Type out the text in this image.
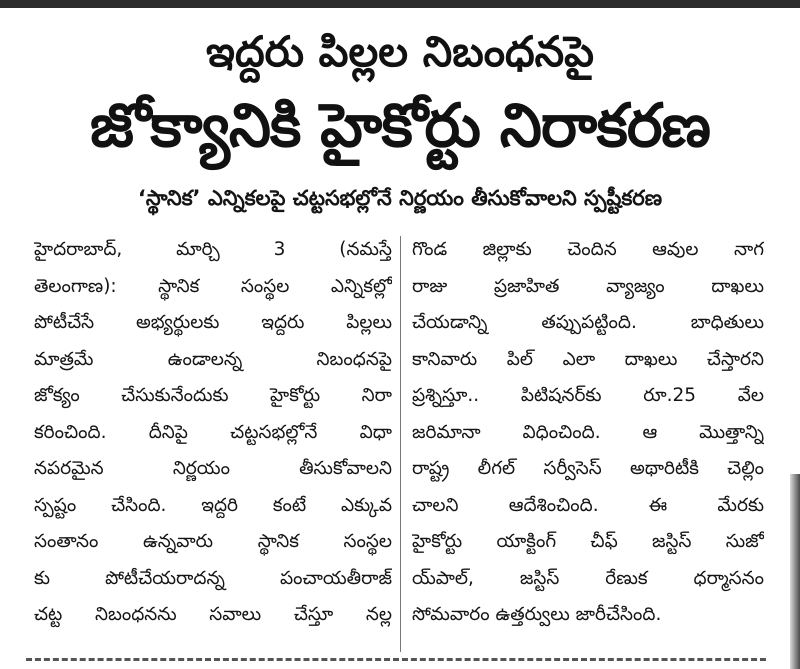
ఇద్దరు పిల్లల నిబంధనపై
జోక్యానికి హైకోర్టు నిరాకరణ
‘స్థానిక’ ఎన్నికలపై చట్టసభల్లోనే నిర్ణయం తీసుకోవాలని స్పష్టీకరణ
హైదరాబాద్, మార్చి 3 (నమస్తే
తెలంగాణ): స్థానిక సంస్థల ఎన్నికల్లో
పోటీచేసే అభ్యర్థులకు ఇద్దరు పిల్లలు
మాత్రమే ఉండాలన్న నిబంధనపై
జోక్యం చేసుకునేందుకు హైకోర్టు నిరా
కరించింది. దీనిపై చట్టసభల్లోనే విధా
నపరమైన నిర్ణయం తీసుకోవాలని
స్పష్టం చేసింది. ఇద్దరి కంటే ఎక్కువ
సంతానం ఉన్నవారు స్థానిక సంస్థల
కు పోటీచేయరాదన్న పంచాయతీరాజ్
చట్ట నిబంధనను సవాలు చేస్తూ నల్ల
గొండ జిల్లాకు చెందిన ఆవుల నాగ
రాజు ప్రజాహిత వ్యాజ్యం దాఖలు
చేయడాన్ని తప్పుపట్టింది. బాధితులు
కానివారు పిల్ ఎలా దాఖలు చేస్తారని
ప్రశ్నిస్తూ.. పిటిషనర్‌కు రూ.25 వేల
జరిమానా విధించింది. ఆ మొత్తాన్ని
రాష్ట్ర లీగల్ సర్వీసెస్ అథారిటీకి చెల్లిం
చాలని ఆదేశించింది. ఈ మేరకు
హైకోర్టు యాక్టింగ్ చీఫ్ జస్టిస్ సుజో
య్‌పాల్, జస్టిస్ రేణుక ధర్మాసనం
సోమవారం ఉత్తర్వులు జారీచేసింది.
